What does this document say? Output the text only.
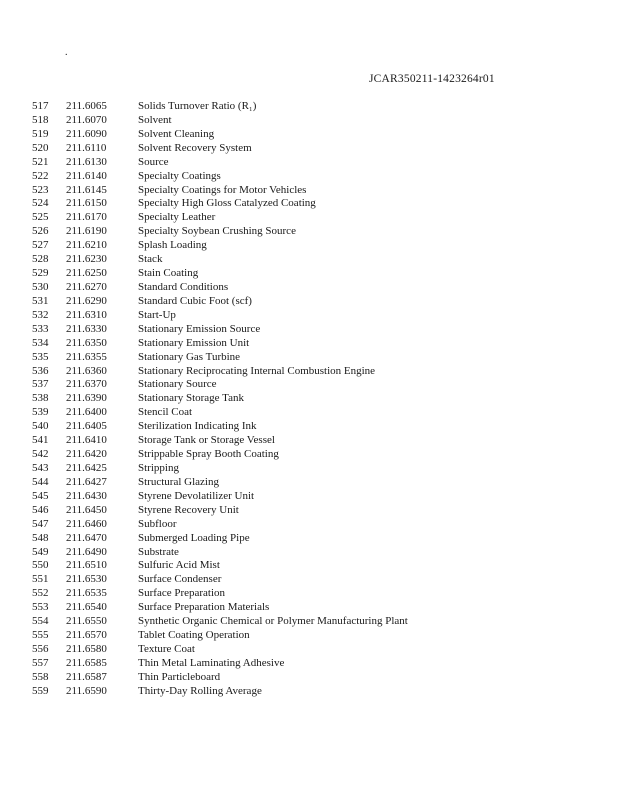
.
JCAR350211-1423264r01
517 211.6065	Solids Turnover Ratio (R₁)
518 211.6070	Solvent
519 211.6090	Solvent Cleaning
520 211.6110	Solvent Recovery System
521 211.6130	Source
522 211.6140	Specialty Coatings
523 211.6145	Specialty Coatings for Motor Vehicles
524 211.6150	Specialty High Gloss Catalyzed Coating
525 211.6170	Specialty Leather
526 211.6190	Specialty Soybean Crushing Source
527 211.6210	Splash Loading
528 211.6230	Stack
529 211.6250	Stain Coating
530 211.6270	Standard Conditions
531 211.6290	Standard Cubic Foot (scf)
532 211.6310	Start-Up
533 211.6330	Stationary Emission Source
534 211.6350	Stationary Emission Unit
535 211.6355	Stationary Gas Turbine
536 211.6360	Stationary Reciprocating Internal Combustion Engine
537 211.6370	Stationary Source
538 211.6390	Stationary Storage Tank
539 211.6400	Stencil Coat
540 211.6405	Sterilization Indicating Ink
541 211.6410	Storage Tank or Storage Vessel
542 211.6420	Strippable Spray Booth Coating
543 211.6425	Stripping
544 211.6427	Structural Glazing
545 211.6430	Styrene Devolatilizer Unit
546 211.6450	Styrene Recovery Unit
547 211.6460	Subfloor
548 211.6470	Submerged Loading Pipe
549 211.6490	Substrate
550 211.6510	Sulfuric Acid Mist
551 211.6530	Surface Condenser
552 211.6535	Surface Preparation
553 211.6540	Surface Preparation Materials
554 211.6550	Synthetic Organic Chemical or Polymer Manufacturing Plant
555 211.6570	Tablet Coating Operation
556 211.6580	Texture Coat
557 211.6585	Thin Metal Laminating Adhesive
558 211.6587	Thin Particleboard
559 211.6590	Thirty-Day Rolling Average
